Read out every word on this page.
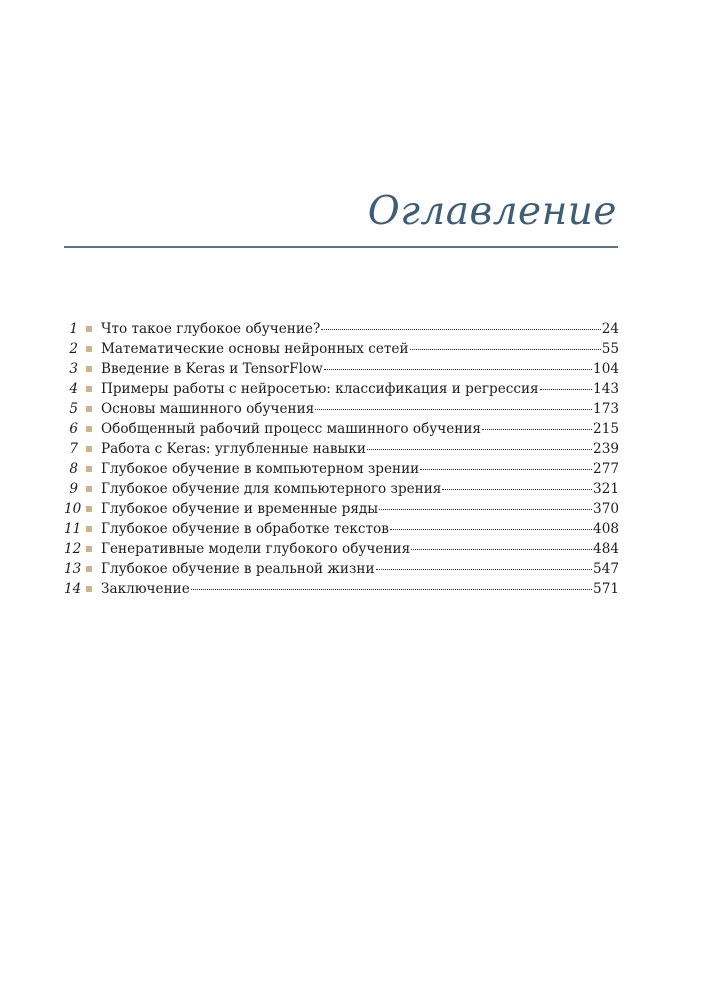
Оглавление
1 Что такое глубокое обучение?	24
2 Математические основы нейронных сетей	55
3 Введение в Keras и TensorFlow	104
4 Примеры работы с нейросетью: классификация и регрессия	143
5 Основы машинного обучения	173
6 Обобщенный рабочий процесс машинного обучения	215
7 Работа с Keras: углубленные навыки	239
8 Глубокое обучение в компьютерном зрении	277
9 Глубокое обучение для компьютерного зрения	321
10 Глубокое обучение и временные ряды	370
11 Глубокое обучение в обработке текстов	408
12 Генеративные модели глубокого обучения	484
13 Глубокое обучение в реальной жизни	547
14 Заключение	571
